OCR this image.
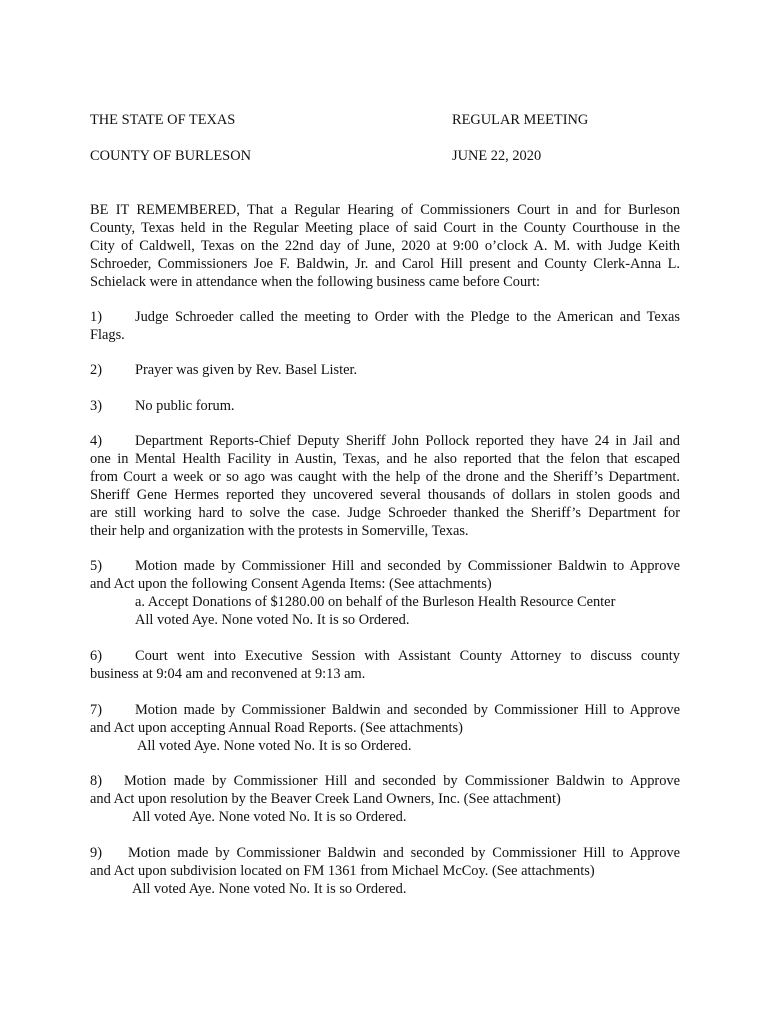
THE STATE OF TEXAS	REGULAR MEETING
COUNTY OF BURLESON	JUNE 22, 2020
BE IT REMEMBERED, That a Regular Hearing of Commissioners Court in and for Burleson
County, Texas held in the Regular Meeting place of said Court in the County Courthouse in the
City of Caldwell, Texas on the 22nd day of June, 2020 at 9:00 o’clock A. M. with Judge Keith
Schroeder, Commissioners Joe F. Baldwin, Jr. and Carol Hill present and County Clerk-Anna L.
Schielack were in attendance when the following business came before Court:
1) Judge Schroeder called the meeting to Order with the Pledge to the American and Texas
Flags.
2) Prayer was given by Rev. Basel Lister.
3) No public forum.
4) Department Reports-Chief Deputy Sheriff John Pollock reported they have 24 in Jail and
one in Mental Health Facility in Austin, Texas, and he also reported that the felon that escaped
from Court a week or so ago was caught with the help of the drone and the Sheriff’s Department.
Sheriff Gene Hermes reported they uncovered several thousands of dollars in stolen goods and
are still working hard to solve the case. Judge Schroeder thanked the Sheriff’s Department for
their help and organization with the protests in Somerville, Texas.
5) Motion made by Commissioner Hill and seconded by Commissioner Baldwin to Approve
and Act upon the following Consent Agenda Items: (See attachments)
a. Accept Donations of $1280.00 on behalf of the Burleson Health Resource Center
All voted Aye. None voted No. It is so Ordered.
6) Court went into Executive Session with Assistant County Attorney to discuss county
business at 9:04 am and reconvened at 9:13 am.
7) Motion made by Commissioner Baldwin and seconded by Commissioner Hill to Approve
and Act upon accepting Annual Road Reports. (See attachments)
All voted Aye. None voted No. It is so Ordered.
8) Motion made by Commissioner Hill and seconded by Commissioner Baldwin to Approve
and Act upon resolution by the Beaver Creek Land Owners, Inc. (See attachment)
All voted Aye. None voted No. It is so Ordered.
9) Motion made by Commissioner Baldwin and seconded by Commissioner Hill to Approve
and Act upon subdivision located on FM 1361 from Michael McCoy. (See attachments)
All voted Aye. None voted No. It is so Ordered.
